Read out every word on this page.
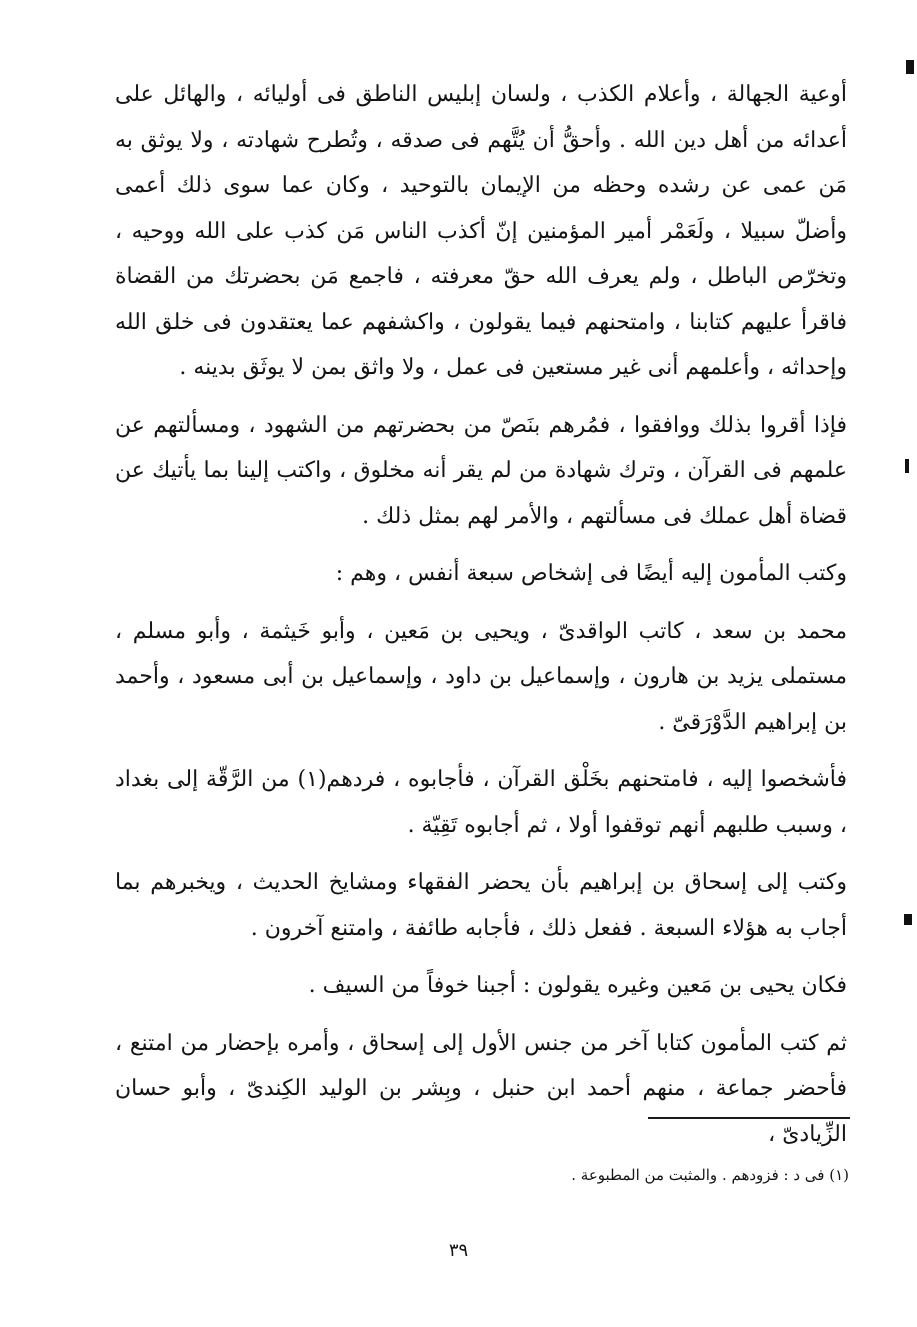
أوعية الجهالة ، وأعلام الكذب ، ولسان إبليس الناطق فى أوليائه ، والهائل على أعدائه من أهل دين الله . وأحقُّ أن يُتَّهم فى صدقه ، وتُطرح شهادته ، ولا يوثق به مَن عمى عن رشده وحظه من الإيمان بالتوحيد ، وكان عما سوى ذلك أعمى وأضلّ سبيلا ، ولَعَمْر أمير المؤمنين إنّ أكذب الناس مَن كذب على الله ووحيه ، وتخرّص الباطل ، ولم يعرف الله حقّ معرفته ، فاجمع مَن بحضرتك من القضاة فاقرأ عليهم كتابنا ، وامتحنهم فيما يقولون ، واكشفهم عما يعتقدون فى خلق الله وإحداثه ، وأعلمهم أنى غير مستعين فى عمل ، ولا واثق بمن لا يوثَق بدينه .

فإذا أقروا بذلك ووافقوا ، فمُرهم بنَصّ من بحضرتهم من الشهود ، ومسألتهم عن علمهم فى القرآن ، وترك شهادة من لم يقر أنه مخلوق ، واكتب إلينا بما يأتيك عن قضاة أهل عملك فى مسألتهم ، والأمر لهم بمثل ذلك .

وكتب المأمون إليه أيضًا فى إشخاص سبعة أنفس ، وهم :

محمد بن سعد ، كاتب الواقدىّ ، ويحيى بن مَعين ، وأبو خَيثمة ، وأبو مسلم ، مستملى يزيد بن هارون ، وإسماعيل بن داود ، وإسماعيل بن أبى مسعود ، وأحمد بن إبراهيم الدَّوْرَقىّ .

فأشخصوا إليه ، فامتحنهم بخَلْق القرآن ، فأجابوه ، فردهم(١) من الرَّقّة إلى بغداد ، وسبب طلبهم أنهم توقفوا أولا ، ثم أجابوه تَقِيّة .

وكتب إلى إسحاق بن إبراهيم بأن يحضر الفقهاء ومشايخ الحديث ، ويخبرهم بما أجاب به هؤلاء السبعة . ففعل ذلك ، فأجابه طائفة ، وامتنع آخرون .

فكان يحيى بن مَعين وغيره يقولون : أجبنا خوفاً من السيف .

ثم كتب المأمون كتابا آخر من جنس الأول إلى إسحاق ، وأمره بإحضار من امتنع ، فأحضر جماعة ، منهم أحمد ابن حنبل ، وبِشر بن الوليد الكِندىّ ، وأبو حسان الزِّيادىّ ،

(١) فى د : فزودهم . والمثبت من المطبوعة .
٣٩
